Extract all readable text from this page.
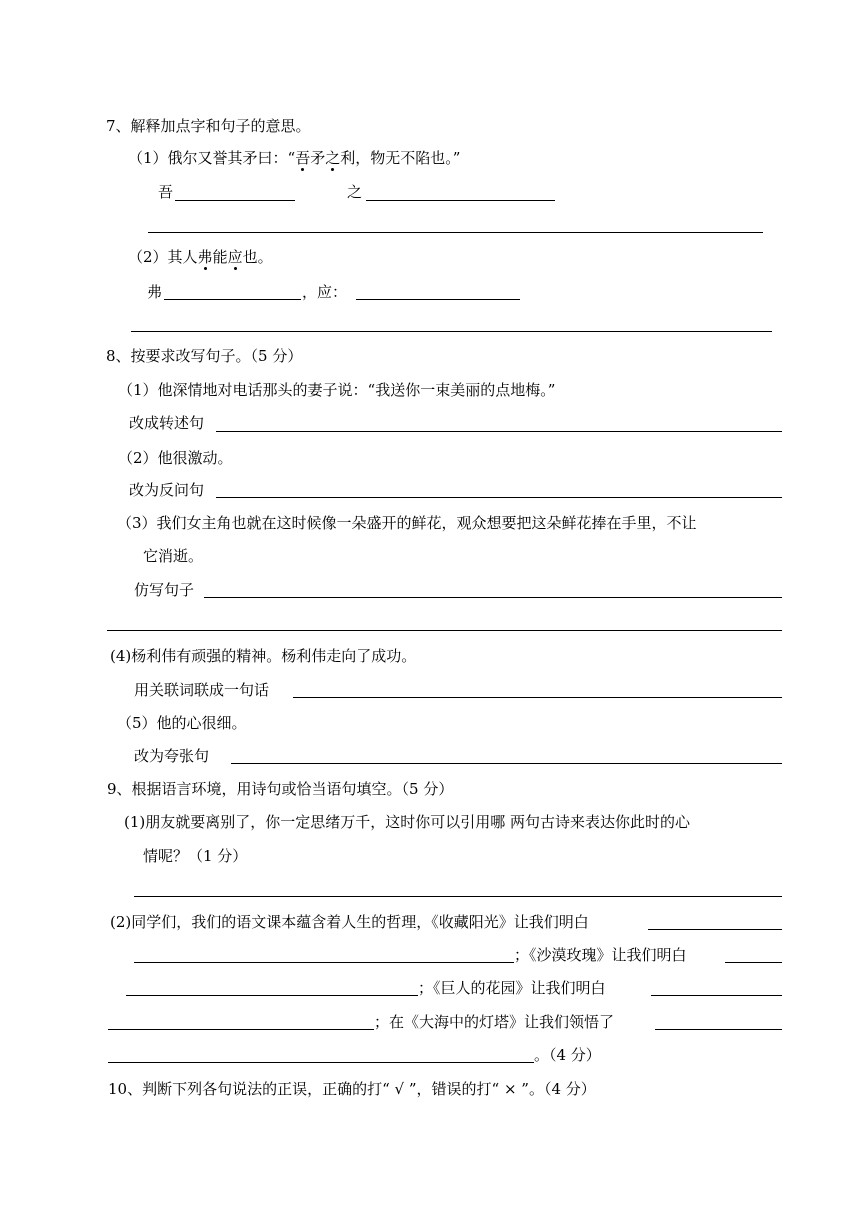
7、解释加点字和句子的意思。
（1）俄尔又誉其矛曰：“吾矛之利，物无不陷也。”
吾	之
（2）其人弗能应也。
弗	，应：
8、按要求改写句子。（5 分）
（1）他深情地对电话那头的妻子说：“我送你一束美丽的点地梅。”
改成转述句
（2）他很激动。
改为反问句
（3）我们女主角也就在这时候像一朵盛开的鲜花，观众想要把这朵鲜花捧在手里，不让
它消逝。
仿写句子
(4)杨利伟有顽强的精神。杨利伟走向了成功。
用关联词联成一句话
（5）他的心很细。
改为夸张句
9、根据语言环境，用诗句或恰当语句填空。（5 分）
(1)朋友就要离别了，你一定思绪万千，这时你可以引用哪 两句古诗来表达你此时的心
情呢？（1 分）
(2)同学们，我们的语文课本蕴含着人生的哲理，《收藏阳光》让我们明白
；《沙漠玫瑰》让我们明白
；《巨人的花园》让我们明白
；在《大海中的灯塔》让我们领悟了
。（4 分）
10、判断下列各句说法的正误，正确的打“ √ ”，错误的打“ × ”。（4 分）
